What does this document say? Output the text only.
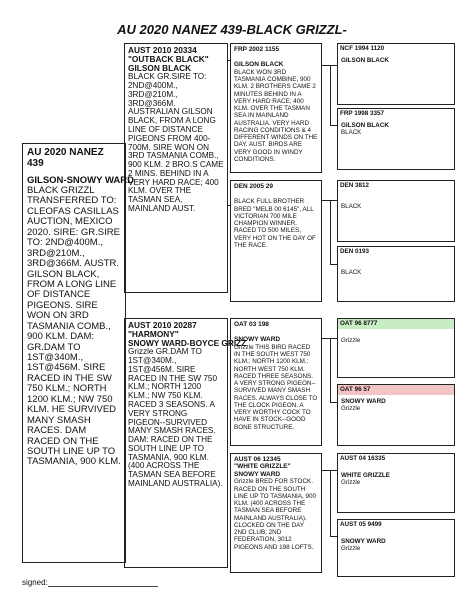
AU 2020 NANEZ 439-BLACK GRIZZL-
AU 2020 NANEZ 439
GILSON-SNOWY WARD
BLACK GRIZZL TRANSFERRED TO: CLEOFAS CASILLAS AUCTION, MEXICO 2020. SIRE: GR.SIRE TO: 2ND@400M., 3RD@210M., 3RD@366M. AUSTR. GILSON BLACK, FROM A LONG LINE OF DISTANCE PIGEONS. SIRE WON ON 3RD TASMANIA COMB., 900 KLM. DAM: GR.DAM TO 1ST@340M., 1ST@456M. SIRE RACED IN THE SW 750 KLM.; NORTH 1200 KLM.; NW 750 KLM. HE SURVIVED MANY SMASH RACES. DAM RACED ON THE SOUTH LINE UP TO TASMANIA, 900 KLM.
AUST 2010 20334
"OUTBACK BLACK"
GILSON BLACK
BLACK GR.SIRE TO: 2ND@400M., 3RD@210M., 3RD@366M. AUSTRALIAN GILSON BLACK, FROM A LONG LINE OF DISTANCE PIGEONS FROM 400-700M. SIRE WON ON 3RD TASMANIA COMB., 900 KLM. 2 BRO.S CAME 2 MINS. BEHIND IN A VERY HARD RACE; 400 KLM. OVER THE TASMAN SEA, MAINLAND AUST.
AUST 2010 20287
"HARMONY"
SNOWY WARD-BOYCE GRIZZ
Grizzle GR.DAM TO 1ST@340M., 1ST@456M. SIRE RACED IN THE SW 750 KLM.; NORTH 1200 KLM.; NW 750 KLM. RACED 3 SEASONS. A VERY STRONG PIGEON--SURVIVED MANY SMASH RACES. DAM: RACED ON THE SOUTH LINE UP TO TASMANIA, 900 KLM. (400 ACROSS THE TASMAN SEA BEFORE MAINLAND AUSTRALIA).
FRP 2002 1155
GILSON BLACK
BLACK WON 3RD TASMANIA COMBINE, 900 KLM. 2 BROTHERS CAME 2 MINUTES BEHIND IN A VERY HARD RACE; 400 KLM. OVER THE TASMAN SEA IN MAINLAND AUSTRALIA. VERY HARD RACING CONDITIONS & 4 DIFFERENT WINDS ON THE DAY. AUST. BIRDS ARE VERY GOOD IN WINDY CONDITIONS.
DEN 2005 29
BLACK FULL BROTHER BRED "MELB 00 6145", ALL VICTORIAN 700 MILE CHAMPION WINNER. RACED TO 500 MILES, VERY HOT ON THE DAY OF THE RACE.
OAT 03 198
SNOWY WARD
Grizzle THIS BIRD RACED IN THE SOUTH WEST 750 KLM.; NORTH 1200 KLM.; NORTH WEST 750 KLM. RACED THREE SEASONS. A VERY STRONG PIGEON--SURVIVED MANY SMASH RACES. ALWAYS CLOSE TO THE CLOCK PIGEON. A VERY WORTHY COCK TO HAVE IN STOCK--GOOD BONE STRUCTURE.
AUST 06 12345
"WHITE GRIZZLE"
SNOWY WARD
Grizzle BRED FOR STOCK. RACED ON THE SOUTH LINE UP TO TASMANIA, 900 KLM. (400 ACROSS THE TASMAN SEA BEFORE MAINLAND AUSTRALIA). CLOCKED ON THE DAY 2ND CLUB, 2ND FEDERATION, 3012 PIGEONS AND 198 LOFTS.
NCF 1994 1120
GILSON BLACK
FRP 1998 3357
GILSON BLACK
BLACK
DEN 3812
BLACK
DEN 0193
BLACK
OAT 96 8777
Grizzle
OAT 96 57
SNOWY WARD
Grizzle
AUST 04 16335
WHITE GRIZZLE
Grizzle
AUST 05 9499
SNOWY WARD
Grizzle
signed:
